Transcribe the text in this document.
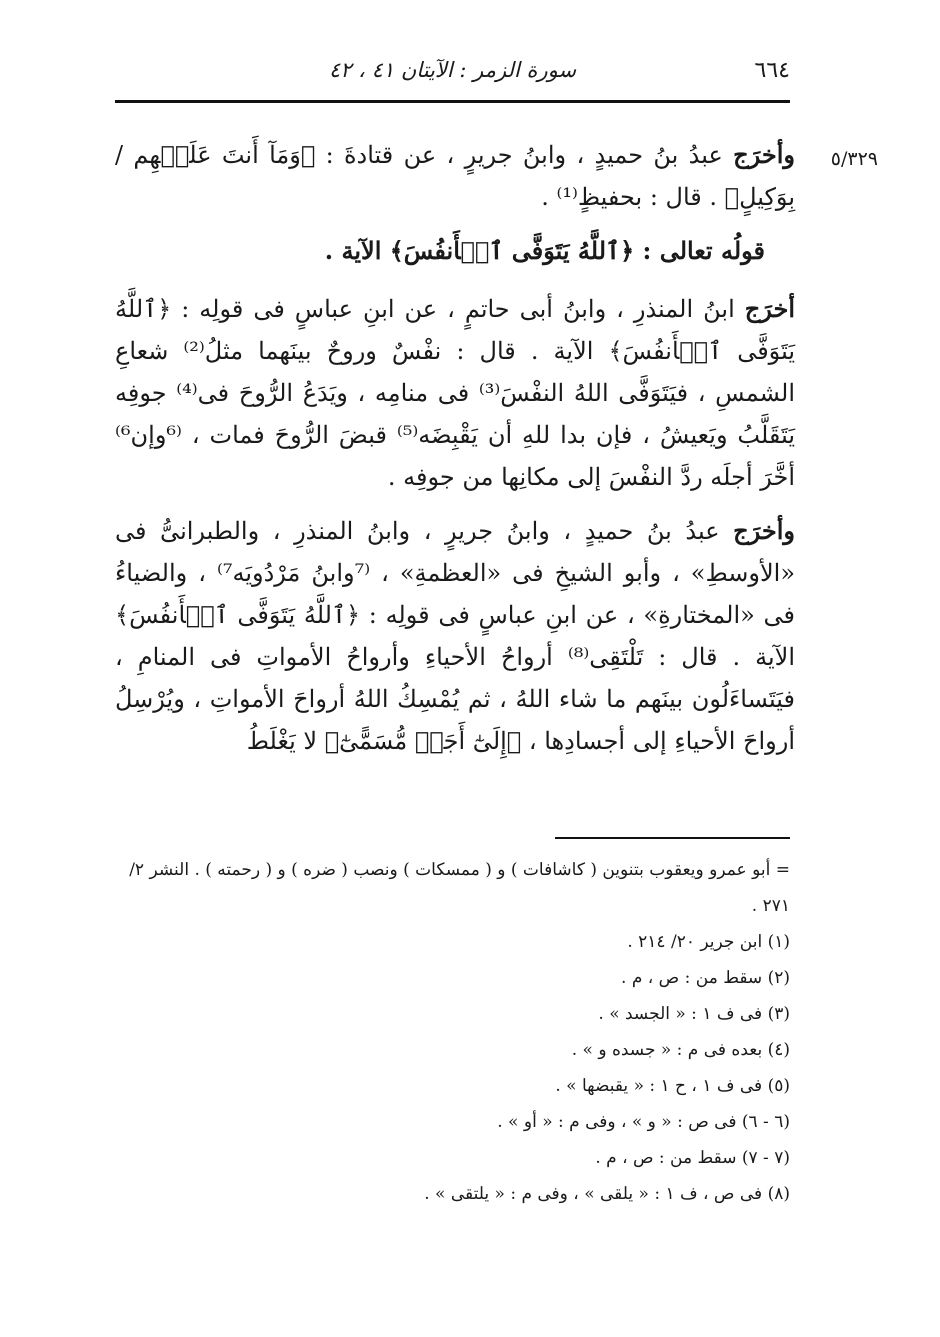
٦٦٤
سورة الزمر : الآيتان ٤١ ، ٤٢
٥/٣٢٩

وأخرَج عبدُ بنُ حميدٍ ، وابنُ جريرٍ ، عن قتادةَ : ﴿وَمَآ أَنتَ عَلَيۡهِم / بِوَكِيلٍ﴾ . قال : بحفيظٍ⁽¹⁾ .

قولُه تعالى : ﴿ٱللَّهُ يَتَوَفَّى ٱلۡأَنفُسَ﴾ الآية .

أخرَج ابنُ المنذرِ ، وابنُ أبى حاتمٍ ، عن ابنِ عباسٍ فى قولِه : ﴿ٱللَّهُ يَتَوَفَّى ٱلۡأَنفُسَ﴾ الآية . قال : نفْسٌ وروحٌ بينَهما مثلُ⁽²⁾ شعاعِ الشمسِ ، فيَتَوَفَّى اللهُ النفْسَ⁽³⁾ فى منامِه ، ويَدَعُ الرُّوحَ فى⁽⁴⁾ جوفِه يَتَقَلَّبُ ويَعيشُ ، فإن بدا للهِ أن يَقْبِضَه⁽⁵⁾ قبضَ الرُّوحَ فمات ، ⁽⁶وإن⁶⁾ أخَّرَ أجلَه ردَّ النفْسَ إلى مكانِها من جوفِه .

وأخرَج عبدُ بنُ حميدٍ ، وابنُ جريرٍ ، وابنُ المنذرِ ، والطبرانىُّ فى «الأوسطِ» ، وأبو الشيخِ فى «العظمةِ» ، ⁽⁷وابنُ مَرْدُويَه⁷⁾ ، والضياءُ فى «المختارةِ» ، عن ابنِ عباسٍ فى قولِه : ﴿ٱللَّهُ يَتَوَفَّى ٱلۡأَنفُسَ﴾ الآية . قال : تَلْتَقِى⁽⁸⁾ أرواحُ الأحياءِ وأرواحُ الأمواتِ فى المنامِ ، فيَتَساءَلُون بينَهم ما شاء اللهُ ، ثم يُمْسِكُ اللهُ أرواحَ الأمواتِ ، ويُرْسِلُ أرواحَ الأحياءِ إلى أجسادِها ، ﴿إِلَىٰٓ أَجَلٖ مُّسَمًّىٰٓ﴾ لا يَغْلَطُ

= أبو عمرو ويعقوب بتنوين ( كاشافات ) و ( ممسكات ) ونصب ( ضره ) و ( رحمته ) . النشر ٢/ ٢٧١ .

(١) ابن جرير ٢٠/ ٢١٤ .

(٢) سقط من : ص ، م .

(٣) فى ف ١ : « الجسد » .

(٤) بعده فى م : « جسده و » .

(٥) فى ف ١ ، ح ١ : « يقبضها » .

(٦ - ٦) فى ص : « و » ، وفى م : « أو » .

(٧ - ٧) سقط من : ص ، م .

(٨) فى ص ، ف ١ : « يلقى » ، وفى م : « يلتقى » .
